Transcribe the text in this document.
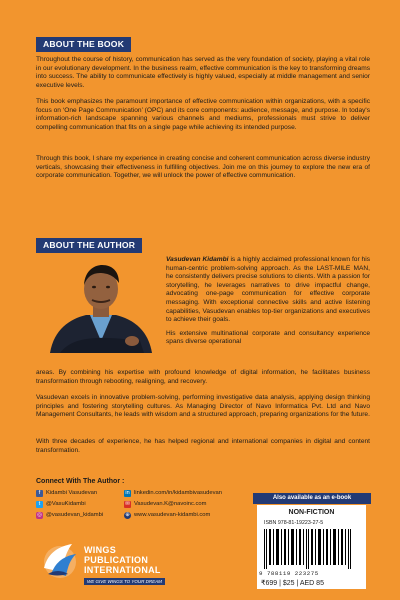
ABOUT THE BOOK

Throughout the course of history, communication has served as the very foundation of society, playing a vital role in our evolutionary development. In the business realm, effective communication is the key to transforming dreams into success. The ability to communicate effectively is highly valued, especially at middle management and senior executive levels.

This book emphasizes the paramount importance of effective communication within organizations, with a specific focus on ‘One Page Communication’ (OPC) and its core components: audience, message, and purpose. In today's information-rich landscape spanning various channels and mediums, professionals must strive to deliver compelling communication that fits on a single page while achieving its intended purpose.

Through this book, I share my experience in creating concise and coherent communication across diverse industry verticals, showcasing their effectiveness in fulfilling objectives. Join me on this journey to explore the new era of corporate communication. Together, we will unlock the power of effective communication.

ABOUT THE AUTHOR

Vasudevan Kidambi is a highly acclaimed professional known for his human-centric problem-solving approach. As the LAST-MILE MAN, he consistently delivers precise solutions to clients. With a passion for storytelling, he leverages narratives to drive impactful change, advocating one-page communication for effective corporate messaging. With exceptional connective skills and active listening capabilities, Vasudevan enables top-tier organizations and executives to achieve their goals.
His extensive multinational corporate and consultancy experience spans diverse operational

areas. By combining his expertise with profound knowledge of digital information, he facilitates business transformation through rebooting, realigning, and recovery.

Vasudevan excels in innovative problem-solving, performing investigative data analysis, applying design thinking principles and fostering storytelling cultures. As Managing Director of Navo Informatica Pvt. Ltd and Navo Management Consultants, he leads with wisdom and a structured approach, preparing organizations for the future.

With three decades of experience, he has helped regional and international companies in digital and content transformation.

Connect With The Author :
f Kidambi Vasudevan
t @VasuKidambi
◎ @vasudevan_kidambi
in linkedin.com/in/kidambivasudevan
✉ Vasudevan.K@navoinc.com
⊕ www.vasudevan-kidambi.com
Also available as an e-book
NON-FICTION
ISBN 978-81-19223-27-5
9 788119 223275
₹699 | $25 | AED 85
WINGS
PUBLICATION
INTERNATIONAL
WE GIVE WINGS TO YOUR DREAM
